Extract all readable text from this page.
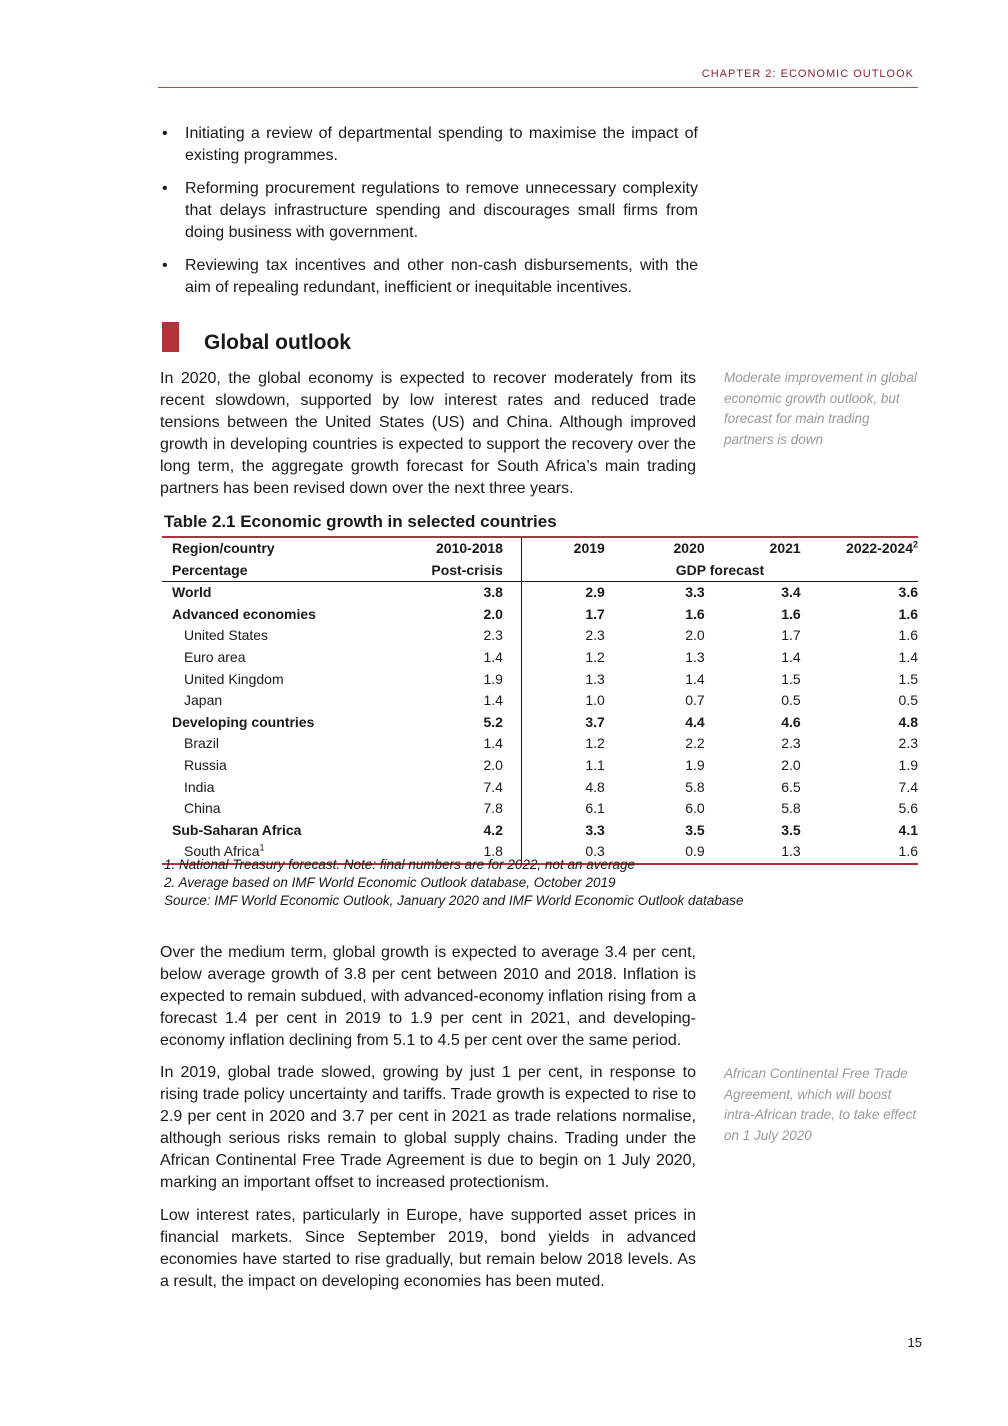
CHAPTER 2: ECONOMIC OUTLOOK
• Initiating a review of departmental spending to maximise the impact of existing programmes.
• Reforming procurement regulations to remove unnecessary complexity that delays infrastructure spending and discourages small firms from doing business with government.
• Reviewing tax incentives and other non-cash disbursements, with the aim of repealing redundant, inefficient or inequitable incentives.
Global outlook

In 2020, the global economy is expected to recover moderately from its recent slowdown, supported by low interest rates and reduced trade tensions between the United States (US) and China. Although improved growth in developing countries is expected to support the recovery over the long term, the aggregate growth forecast for South Africa’s main trading partners has been revised down over the next three years.

Moderate improvement in global economic growth outlook, but forecast for main trading partners is down

Table 2.1 Economic growth in selected countries
Region/country	2010-2018	2019	2020	2021	2022-2024$^2$
Percentage	Post-crisis	GDP forecast			
World	3.8	2.9	3.3	3.4	3.6
Advanced economies	2.0	1.7	1.6	1.6	1.6
United States	2.3	2.3	2.0	1.7	1.6
Euro area	1.4	1.2	1.3	1.4	1.4
United Kingdom	1.9	1.3	1.4	1.5	1.5
Japan	1.4	1.0	0.7	0.5	0.5
Developing countries	5.2	3.7	4.4	4.6	4.8
Brazil	1.4	1.2	2.2	2.3	2.3
Russia	2.0	1.1	1.9	2.0	1.9
India	7.4	4.8	5.8	6.5	7.4
China	7.8	6.1	6.0	5.8	5.6
Sub-Saharan Africa	4.2	3.3	3.5	3.5	4.1
South Africa$^1$	1.8	0.3	0.9	1.3	1.6
1. National Treasury forecast. Note: final numbers are for 2022, not an average
2. Average based on IMF World Economic Outlook database, October 2019
Source: IMF World Economic Outlook, January 2020 and IMF World Economic Outlook database

Over the medium term, global growth is expected to average 3.4 per cent, below average growth of 3.8 per cent between 2010 and 2018. Inflation is expected to remain subdued, with advanced-economy inflation rising from a forecast 1.4 per cent in 2019 to 1.9 per cent in 2021, and developing-economy inflation declining from 5.1 to 4.5 per cent over the same period.

In 2019, global trade slowed, growing by just 1 per cent, in response to rising trade policy uncertainty and tariffs. Trade growth is expected to rise to 2.9 per cent in 2020 and 3.7 per cent in 2021 as trade relations normalise, although serious risks remain to global supply chains. Trading under the African Continental Free Trade Agreement is due to begin on 1 July 2020, marking an important offset to increased protectionism.

African Continental Free Trade Agreement, which will boost intra-African trade, to take effect on 1 July 2020

Low interest rates, particularly in Europe, have supported asset prices in financial markets. Since September 2019, bond yields in advanced economies have started to rise gradually, but remain below 2018 levels. As a result, the impact on developing economies has been muted.

15
